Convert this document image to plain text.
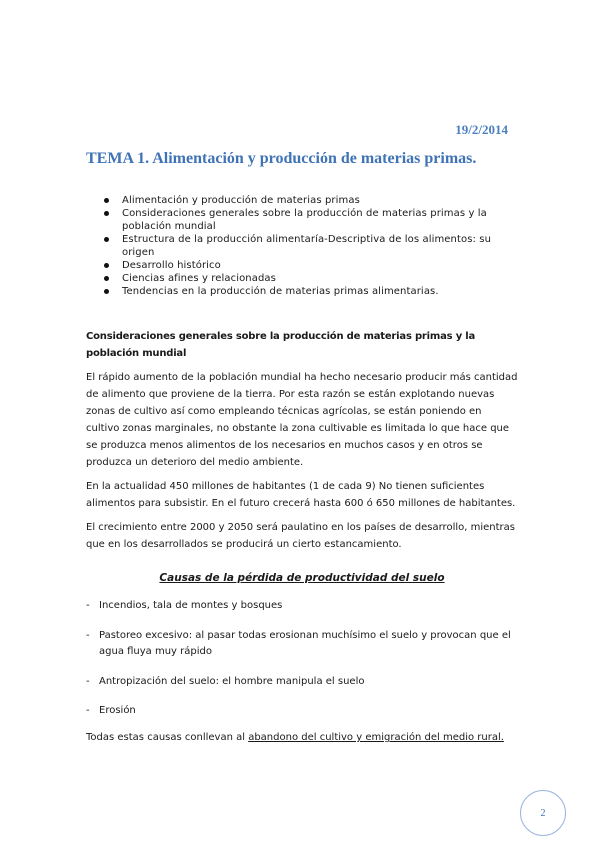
19/2/2014
TEMA 1. Alimentación y producción de materias primas.
Alimentación y producción de materias primas
Consideraciones generales sobre la producción de materias primas y la población mundial
Estructura de la producción alimentaría-Descriptiva de los alimentos: su origen
Desarrollo histórico
Ciencias afines y relacionadas
Tendencias en la producción de materias primas alimentarias.

Consideraciones generales sobre la producción de materias primas y la población mundial

El rápido aumento de la población mundial ha hecho necesario producir más cantidad de alimento que proviene de la tierra. Por esta razón se están explotando nuevas zonas de cultivo así como empleando técnicas agrícolas, se están poniendo en cultivo zonas marginales, no obstante la zona cultivable es limitada lo que hace que se produzca menos alimentos de los necesarios en muchos casos y en otros se produzca un deterioro del medio ambiente.

En la actualidad 450 millones de habitantes (1 de cada 9) No tienen suficientes alimentos para subsistir. En el futuro crecerá hasta 600 ó 650 millones de habitantes.

El crecimiento entre 2000 y 2050 será paulatino en los países de desarrollo, mientras que en los desarrollados se producirá un cierto estancamiento.

Causas de la pérdida de productividad del suelo
- Incendios, tala de montes y bosques
- Pastoreo excesivo: al pasar todas erosionan muchísimo el suelo y provocan que el agua fluya muy rápido
- Antropización del suelo: el hombre manipula el suelo
- Erosión
Todas estas causas conllevan al abandono del cultivo y emigración del medio rural.
2
